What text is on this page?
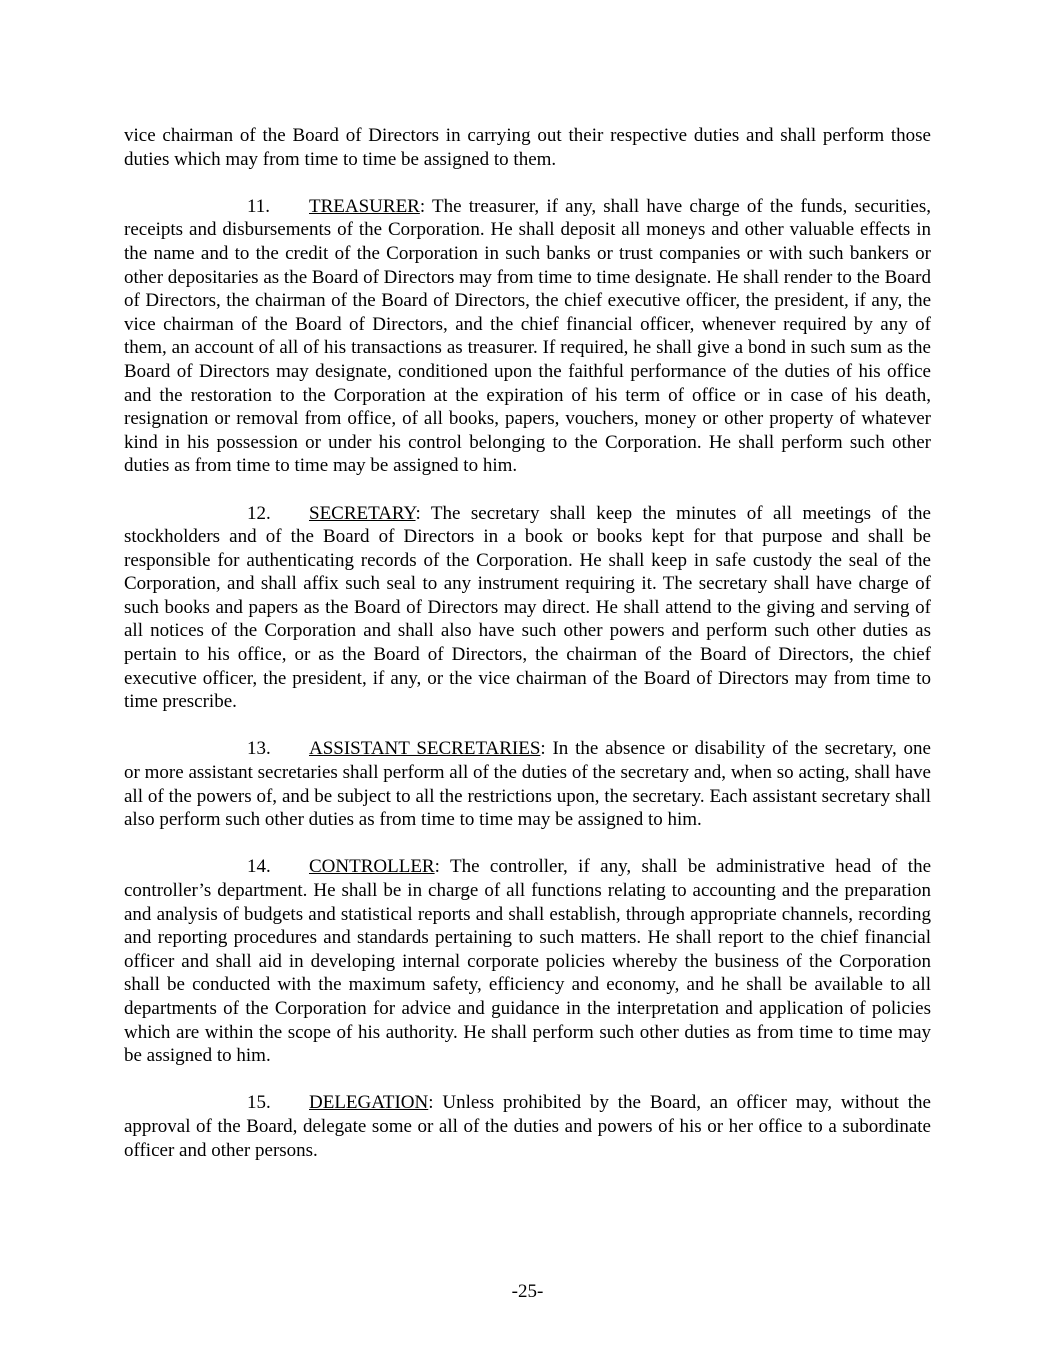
vice chairman of the Board of Directors in carrying out their respective duties and shall perform those duties which may from time to time be assigned to them.

11. TREASURER: The treasurer, if any, shall have charge of the funds, securities, receipts and disbursements of the Corporation. He shall deposit all moneys and other valuable effects in the name and to the credit of the Corporation in such banks or trust companies or with such bankers or other depositaries as the Board of Directors may from time to time designate. He shall render to the Board of Directors, the chairman of the Board of Directors, the chief executive officer, the president, if any, the vice chairman of the Board of Directors, and the chief financial officer, whenever required by any of them, an account of all of his transactions as treasurer. If required, he shall give a bond in such sum as the Board of Directors may designate, conditioned upon the faithful performance of the duties of his office and the restoration to the Corporation at the expiration of his term of office or in case of his death, resignation or removal from office, of all books, papers, vouchers, money or other property of whatever kind in his possession or under his control belonging to the Corporation. He shall perform such other duties as from time to time may be assigned to him.

12. SECRETARY: The secretary shall keep the minutes of all meetings of the stockholders and of the Board of Directors in a book or books kept for that purpose and shall be responsible for authenticating records of the Corporation. He shall keep in safe custody the seal of the Corporation, and shall affix such seal to any instrument requiring it. The secretary shall have charge of such books and papers as the Board of Directors may direct. He shall attend to the giving and serving of all notices of the Corporation and shall also have such other powers and perform such other duties as pertain to his office, or as the Board of Directors, the chairman of the Board of Directors, the chief executive officer, the president, if any, or the vice chairman of the Board of Directors may from time to time prescribe.

13. ASSISTANT SECRETARIES: In the absence or disability of the secretary, one or more assistant secretaries shall perform all of the duties of the secretary and, when so acting, shall have all of the powers of, and be subject to all the restrictions upon, the secretary. Each assistant secretary shall also perform such other duties as from time to time may be assigned to him.

14. CONTROLLER: The controller, if any, shall be administrative head of the controller’s department. He shall be in charge of all functions relating to accounting and the preparation and analysis of budgets and statistical reports and shall establish, through appropriate channels, recording and reporting procedures and standards pertaining to such matters. He shall report to the chief financial officer and shall aid in developing internal corporate policies whereby the business of the Corporation shall be conducted with the maximum safety, efficiency and economy, and he shall be available to all departments of the Corporation for advice and guidance in the interpretation and application of policies which are within the scope of his authority. He shall perform such other duties as from time to time may be assigned to him.

15. DELEGATION: Unless prohibited by the Board, an officer may, without the approval of the Board, delegate some or all of the duties and powers of his or her office to a subordinate officer and other persons.

-25-
